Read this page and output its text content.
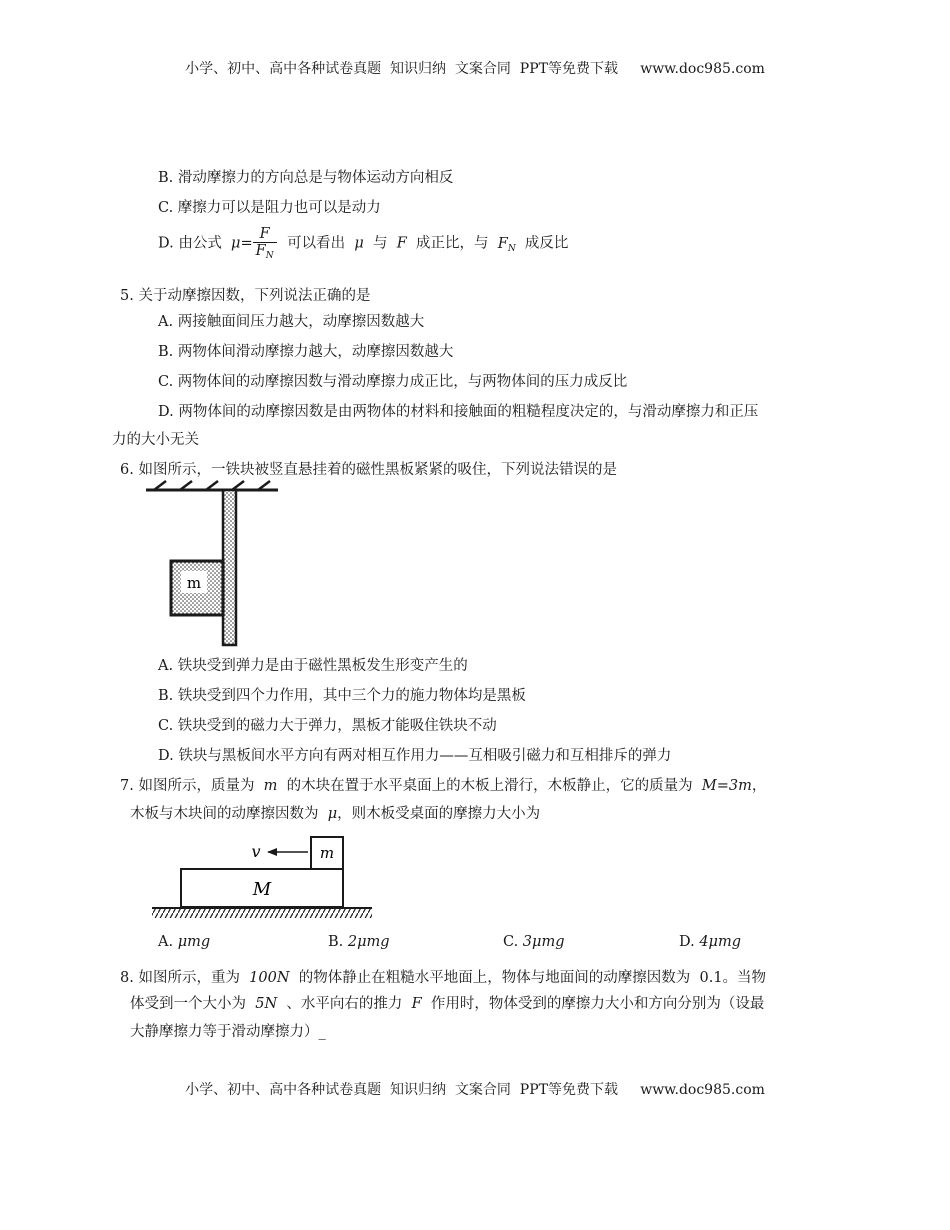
小学、初中、高中各种试卷真题  知识归纳  文案合同  PPT等免费下载     www.doc985.com
B. 滑动摩擦力的方向总是与物体运动方向相反
C. 摩擦力可以是阻力也可以是动力
D. 由公式 $\mu= \frac{F}{F_N}$ 可以看出 μ 与 F 成正比，与 $F_N$ 成反比
5. 关于动摩擦因数，下列说法正确的是
A. 两接触面间压力越大，动摩擦因数越大
B. 两物体间滑动摩擦力越大，动摩擦因数越大
C. 两物体间的动摩擦因数与滑动摩擦力成正比，与两物体间的压力成反比
D. 两物体间的动摩擦因数是由两物体的材料和接触面的粗糙程度决定的，与滑动摩擦力和正压
力的大小无关
6. 如图所示，一铁块被竖直悬挂着的磁性黑板紧紧的吸住，下列说法错误的是
m
A. 铁块受到弹力是由于磁性黑板发生形变产生的
B. 铁块受到四个力作用，其中三个力的施力物体均是黑板
C. 铁块受到的磁力大于弹力，黑板才能吸住铁块不动
D. 铁块与黑板间水平方向有两对相互作用力——互相吸引磁力和互相排斥的弹力
7. 如图所示，质量为 m 的木块在置于水平桌面上的木板上滑行，木板静止，它的质量为 M=3m，
木板与木块间的动摩擦因数为 μ，则木板受桌面的摩擦力大小为
m
M
v
A. μmg	B. 2μmg	C. 3μmg	D. 4μmg
8. 如图所示，重为 100N 的物体静止在粗糙水平地面上，物体与地面间的动摩擦因数为 0.1。当物
体受到一个大小为 5N 、水平向右的推力 F 作用时，物体受到的摩擦力大小和方向分别为（设最
大静摩擦力等于滑动摩擦力）_
小学、初中、高中各种试卷真题  知识归纳  文案合同  PPT等免费下载     www.doc985.com
